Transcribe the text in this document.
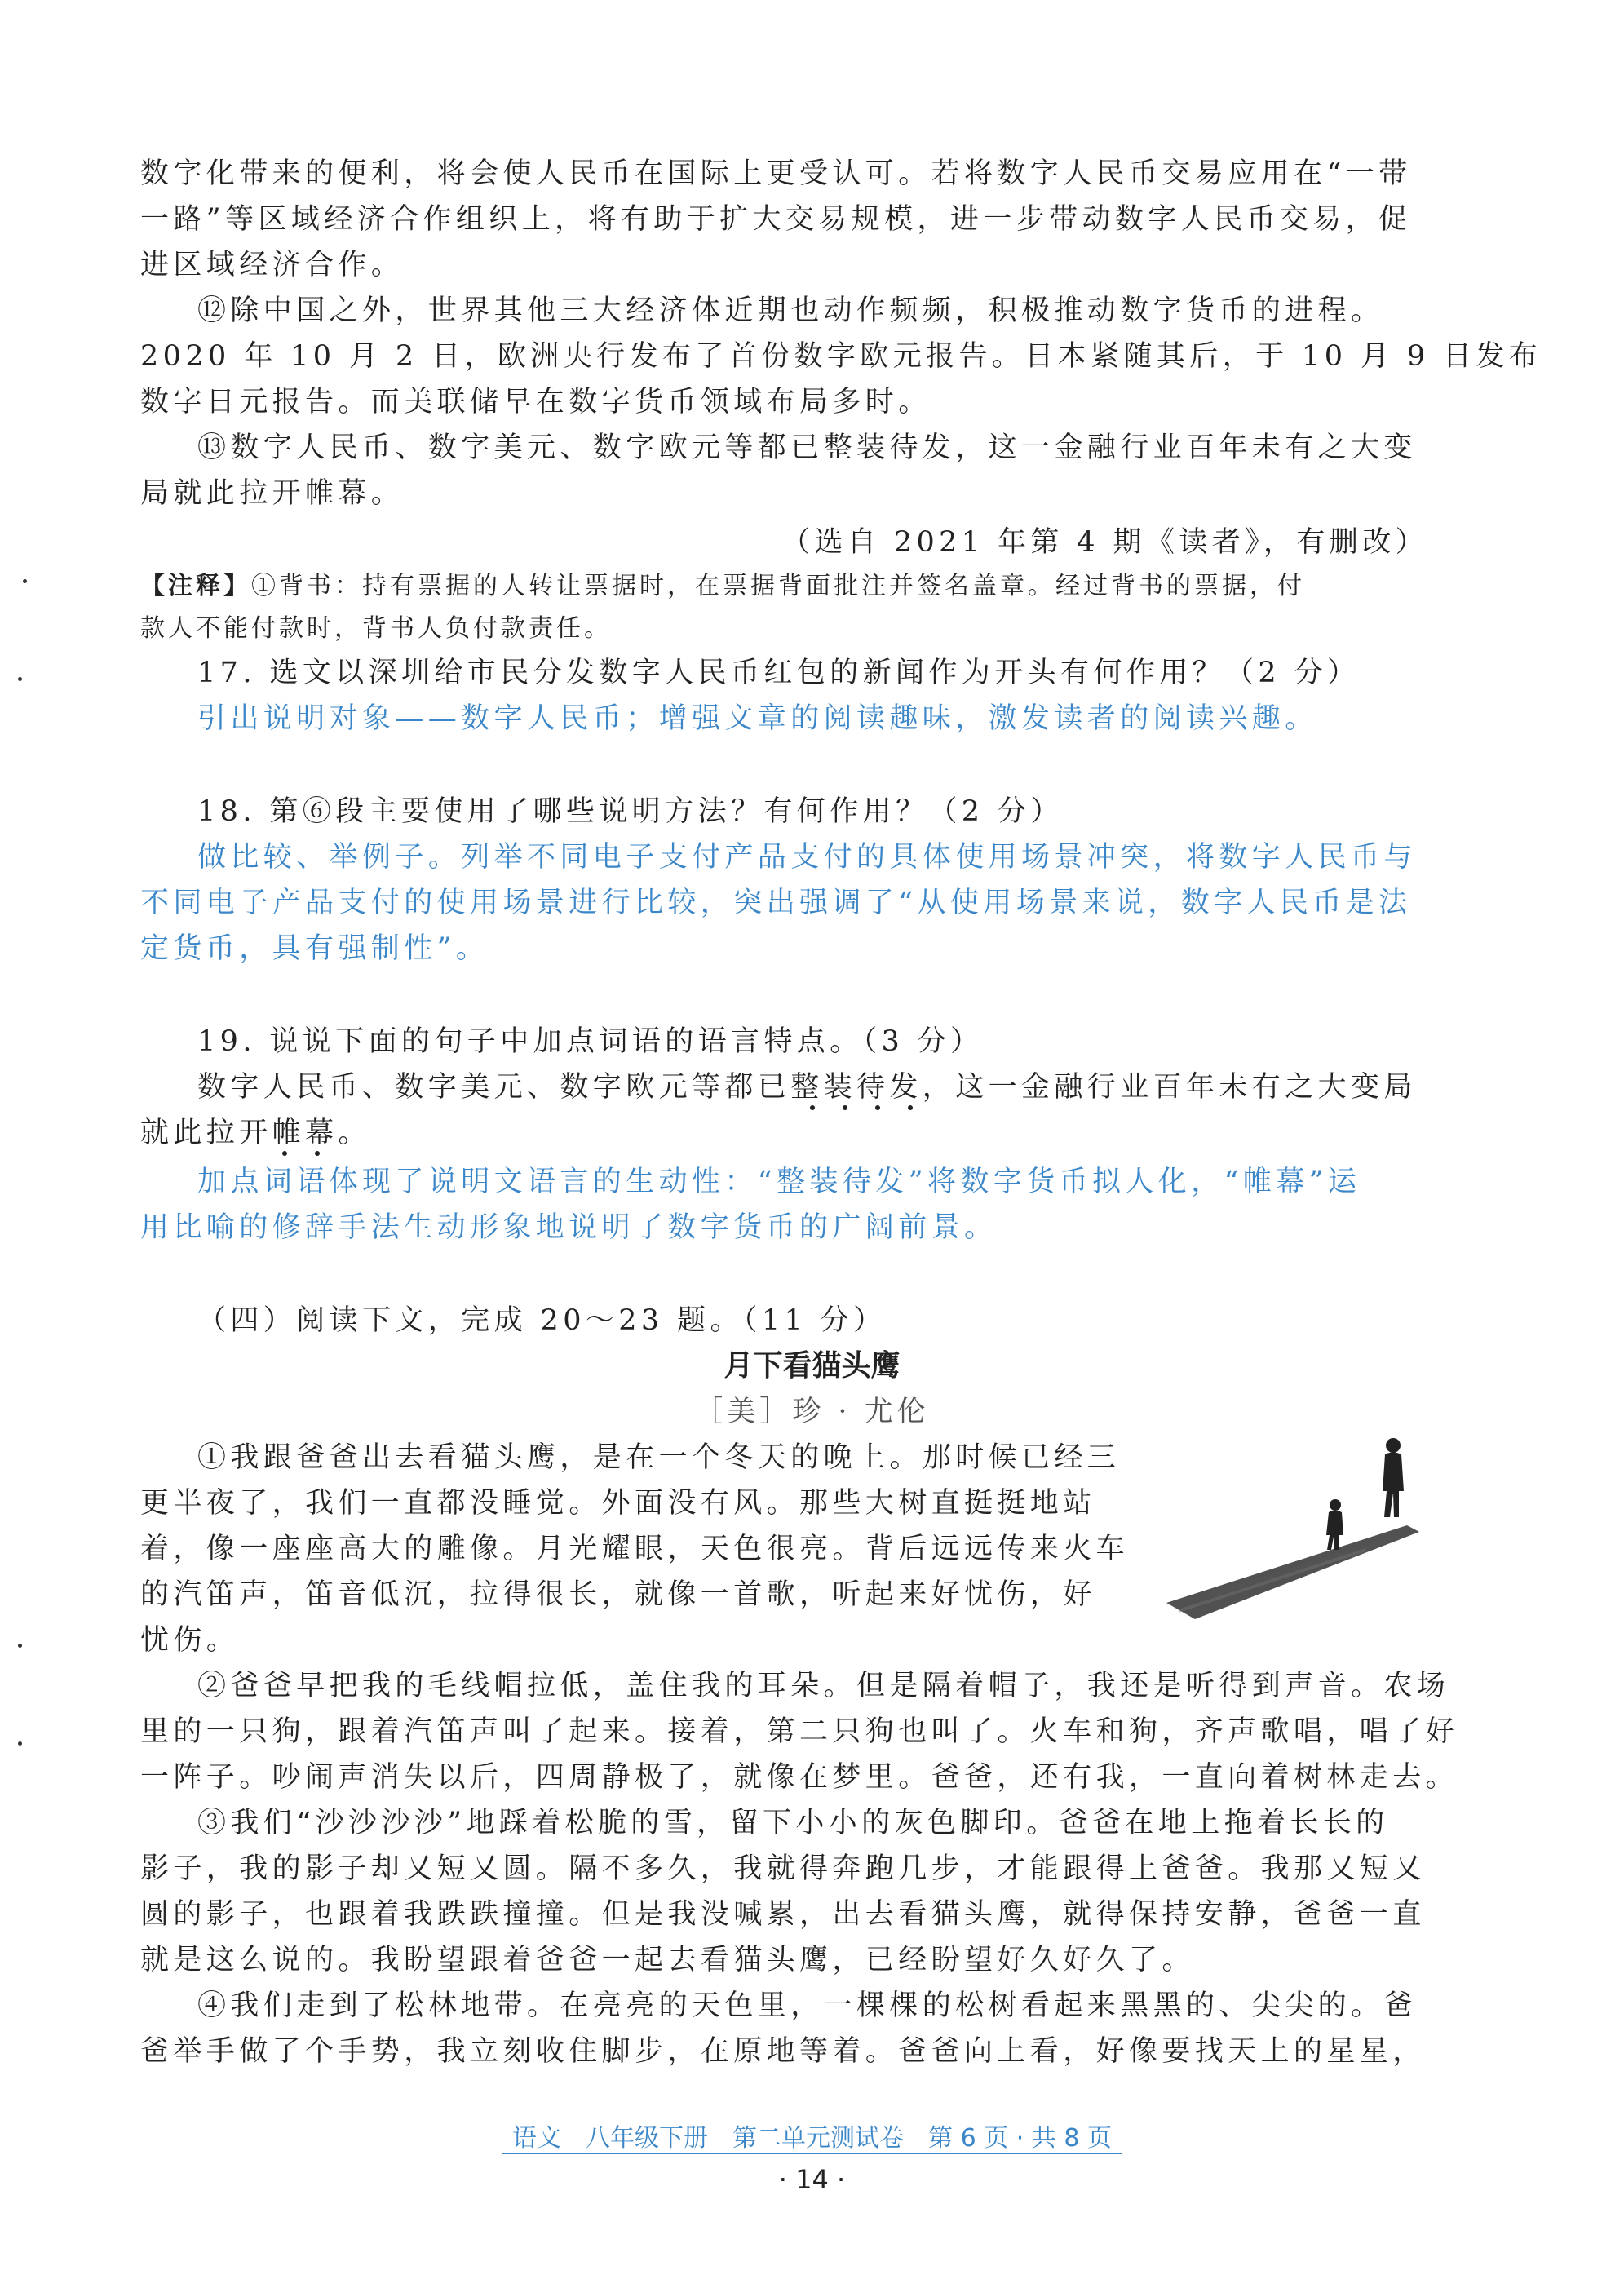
数字化带来的便利，将会使人民币在国际上更受认可。若将数字人民币交易应用在“一带
一路”等区域经济合作组织上，将有助于扩大交易规模，进一步带动数字人民币交易，促
进区域经济合作。
⑫除中国之外，世界其他三大经济体近期也动作频频，积极推动数字货币的进程。
2020 年 10 月 2 日，欧洲央行发布了首份数字欧元报告。日本紧随其后，于 10 月 9 日发布
数字日元报告。而美联储早在数字货币领域布局多时。
⑬数字人民币、数字美元、数字欧元等都已整装待发，这一金融行业百年未有之大变
局就此拉开帷幕。
（选自 2021 年第 4 期《读者》，有删改）
【注释】①背书：持有票据的人转让票据时，在票据背面批注并签名盖章。经过背书的票据，付
款人不能付款时，背书人负付款责任。
17. 选文以深圳给市民分发数字人民币红包的新闻作为开头有何作用？（2 分）
引出说明对象——数字人民币；增强文章的阅读趣味，激发读者的阅读兴趣。
18. 第⑥段主要使用了哪些说明方法？有何作用？（2 分）
做比较、举例子。列举不同电子支付产品支付的具体使用场景冲突，将数字人民币与
不同电子产品支付的使用场景进行比较，突出强调了“从使用场景来说，数字人民币是法
定货币，具有强制性”。
19. 说说下面的句子中加点词语的语言特点。（3 分）
数字人民币、数字美元、数字欧元等都已整装待发，这一金融行业百年未有之大变局
就此拉开帷幕。
加点词语体现了说明文语言的生动性：“整装待发”将数字货币拟人化，“帷幕”运
用比喻的修辞手法生动形象地说明了数字货币的广阔前景。
（四）阅读下文，完成 20～23 题。（11 分）
月下看猫头鹰
［美］珍 · 尤伦
①我跟爸爸出去看猫头鹰，是在一个冬天的晚上。那时候已经三
更半夜了，我们一直都没睡觉。外面没有风。那些大树直挺挺地站
着，像一座座高大的雕像。月光耀眼，天色很亮。背后远远传来火车
的汽笛声，笛音低沉，拉得很长，就像一首歌，听起来好忧伤，好
忧伤。
②爸爸早把我的毛线帽拉低，盖住我的耳朵。但是隔着帽子，我还是听得到声音。农场
里的一只狗，跟着汽笛声叫了起来。接着，第二只狗也叫了。火车和狗，齐声歌唱，唱了好
一阵子。吵闹声消失以后，四周静极了，就像在梦里。爸爸，还有我，一直向着树林走去。
③我们“沙沙沙沙”地踩着松脆的雪，留下小小的灰色脚印。爸爸在地上拖着长长的
影子，我的影子却又短又圆。隔不多久，我就得奔跑几步，才能跟得上爸爸。我那又短又
圆的影子，也跟着我跌跌撞撞。但是我没喊累，出去看猫头鹰，就得保持安静，爸爸一直
就是这么说的。我盼望跟着爸爸一起去看猫头鹰，已经盼望好久好久了。
④我们走到了松林地带。在亮亮的天色里，一棵棵的松树看起来黑黑的、尖尖的。爸
爸举手做了个手势，我立刻收住脚步，在原地等着。爸爸向上看，好像要找天上的星星，
语文　八年级下册　第二单元测试卷　第 6 页 · 共 8 页
· 14 ·
